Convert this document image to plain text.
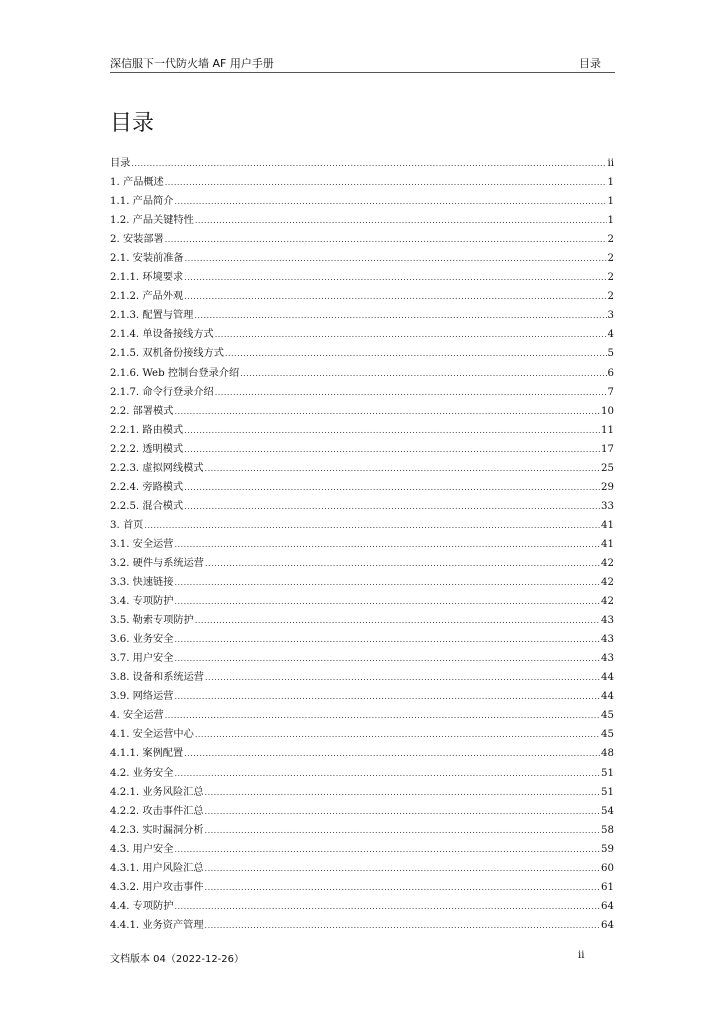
深信服下一代防火墙 AF 用户手册	目录
目录
目录 .....	ii
1. 产品概述 .....	1
1.1. 产品简介 .....	1
1.2. 产品关键特性 .....	1
2. 安装部署 .....	2
2.1. 安装前准备 .....	2
2.1.1. 环境要求 .....	2
2.1.2. 产品外观 .....	2
2.1.3. 配置与管理 .....	3
2.1.4. 单设备接线方式 .....	4
2.1.5. 双机备份接线方式 .....	5
2.1.6. Web 控制台登录介绍 .....	6
2.1.7. 命令行登录介绍 .....	7
2.2. 部署模式 .....	10
2.2.1. 路由模式 .....	11
2.2.2. 透明模式 .....	17
2.2.3. 虚拟网线模式 .....	25
2.2.4. 旁路模式 .....	29
2.2.5. 混合模式 .....	33
3. 首页 .....	41
3.1. 安全运营 .....	41
3.2. 硬件与系统运营 .....	42
3.3. 快速链接 .....	42
3.4. 专项防护 .....	42
3.5. 勒索专项防护 .....	43
3.6. 业务安全 .....	43
3.7. 用户安全 .....	43
3.8. 设备和系统运营 .....	44
3.9. 网络运营 .....	44
4. 安全运营 .....	45
4.1. 安全运营中心 .....	45
4.1.1. 案例配置 .....	48
4.2. 业务安全 .....	51
4.2.1. 业务风险汇总 .....	51
4.2.2. 攻击事件汇总 .....	54
4.2.3. 实时漏洞分析 .....	58
4.3. 用户安全 .....	59
4.3.1. 用户风险汇总 .....	60
4.3.2. 用户攻击事件 .....	61
4.4. 专项防护 .....	64
4.4.1. 业务资产管理 .....	64
文档版本 04（2022-12-26）	ii
